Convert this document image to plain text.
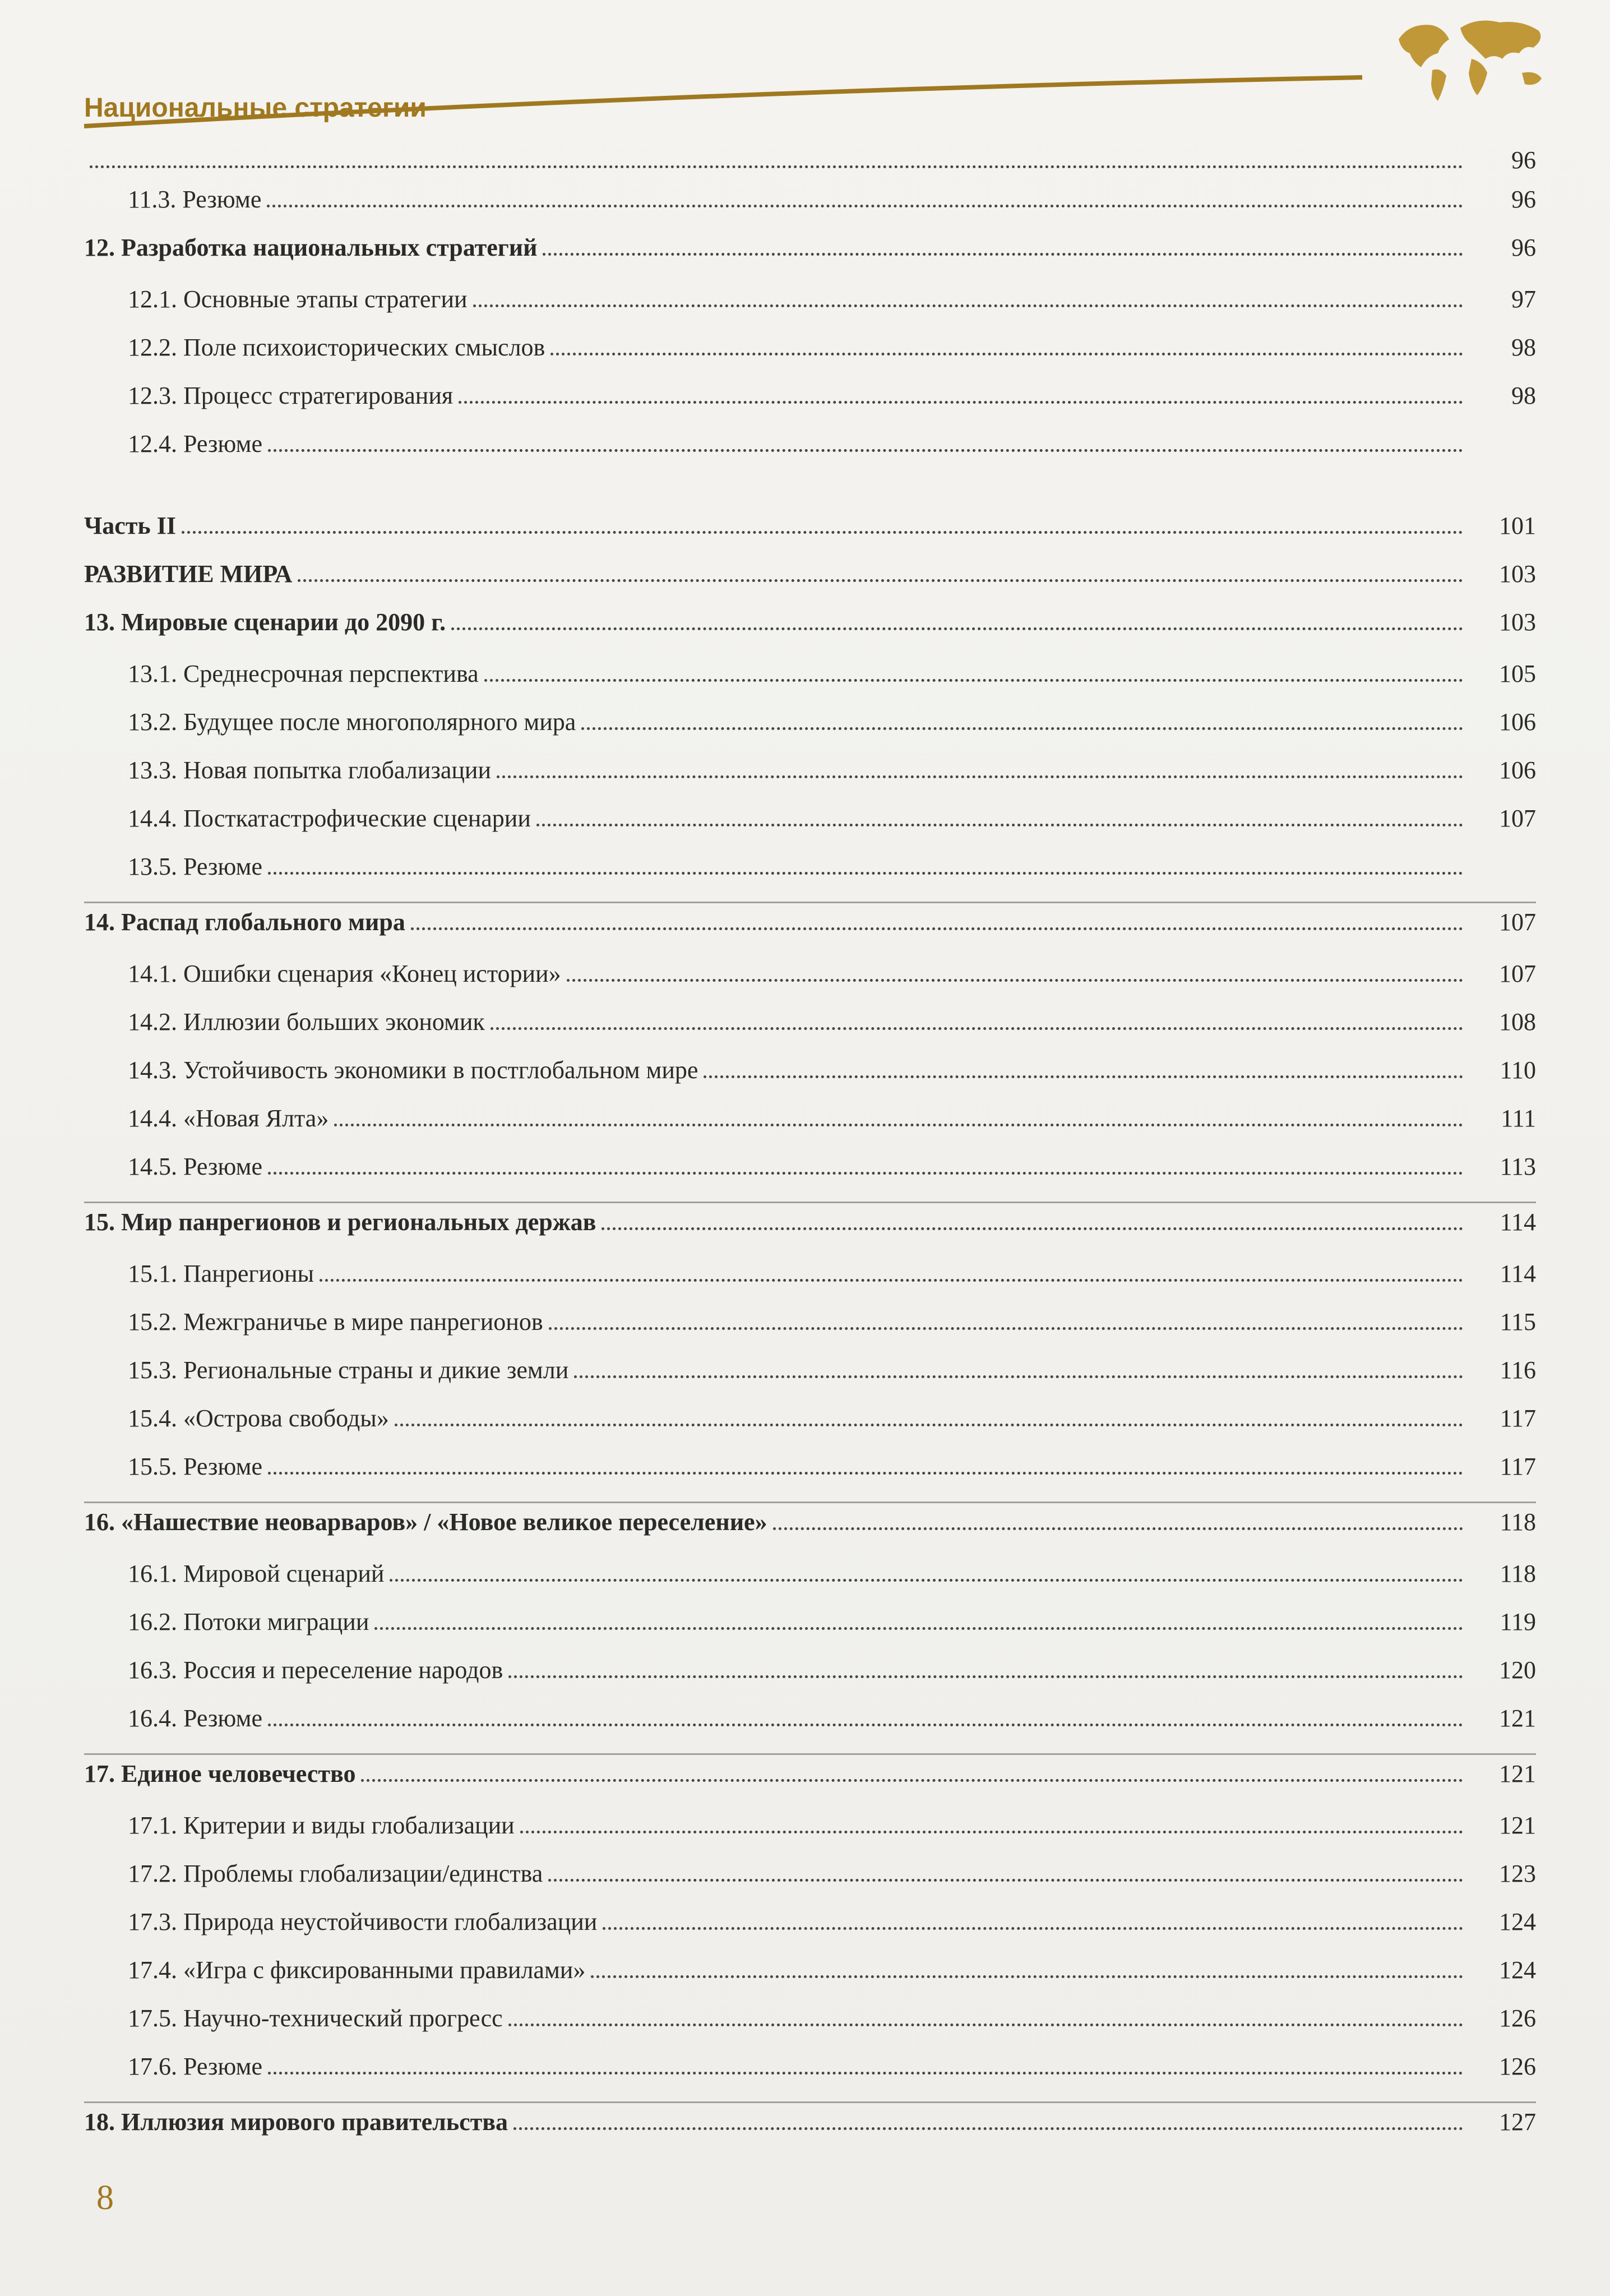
Национальные стратегии
96
11.3. Резюме	96
12. Разработка национальных стратегий	96
12.1. Основные этапы стратегии	97
12.2. Поле психоисторических смыслов	98
12.3. Процесс стратегирования	98
12.4. Резюме
Часть II	101
РАЗВИТИЕ МИРА	103
13. Мировые сценарии до 2090 г.	103
13.1. Среднесрочная перспектива	105
13.2. Будущее после многополярного мира	106
13.3. Новая попытка глобализации	106
14.4. Посткатастрофические сценарии	107
13.5. Резюме
14. Распад глобального мира	107
14.1. Ошибки сценария «Конец истории»	107
14.2. Иллюзии больших экономик	108
14.3. Устойчивость экономики в постглобальном мире	110
14.4. «Новая Ялта»	111
14.5. Резюме	113
15. Мир панрегионов и региональных держав	114
15.1. Панрегионы	114
15.2. Межграничье в мире панрегионов	115
15.3. Региональные страны и дикие земли	116
15.4. «Острова свободы»	117
15.5. Резюме	117
16. «Нашествие неоварваров» / «Новое великое переселение»	118
16.1. Мировой сценарий	118
16.2. Потоки миграции	119
16.3. Россия и переселение народов	120
16.4. Резюме	121
17. Единое человечество	121
17.1. Критерии и виды глобализации	121
17.2. Проблемы глобализации/единства	123
17.3. Природа неустойчивости глобализации	124
17.4. «Игра с фиксированными правилами»	124
17.5. Научно-технический прогресс	126
17.6. Резюме	126
18. Иллюзия мирового правительства	127
8
